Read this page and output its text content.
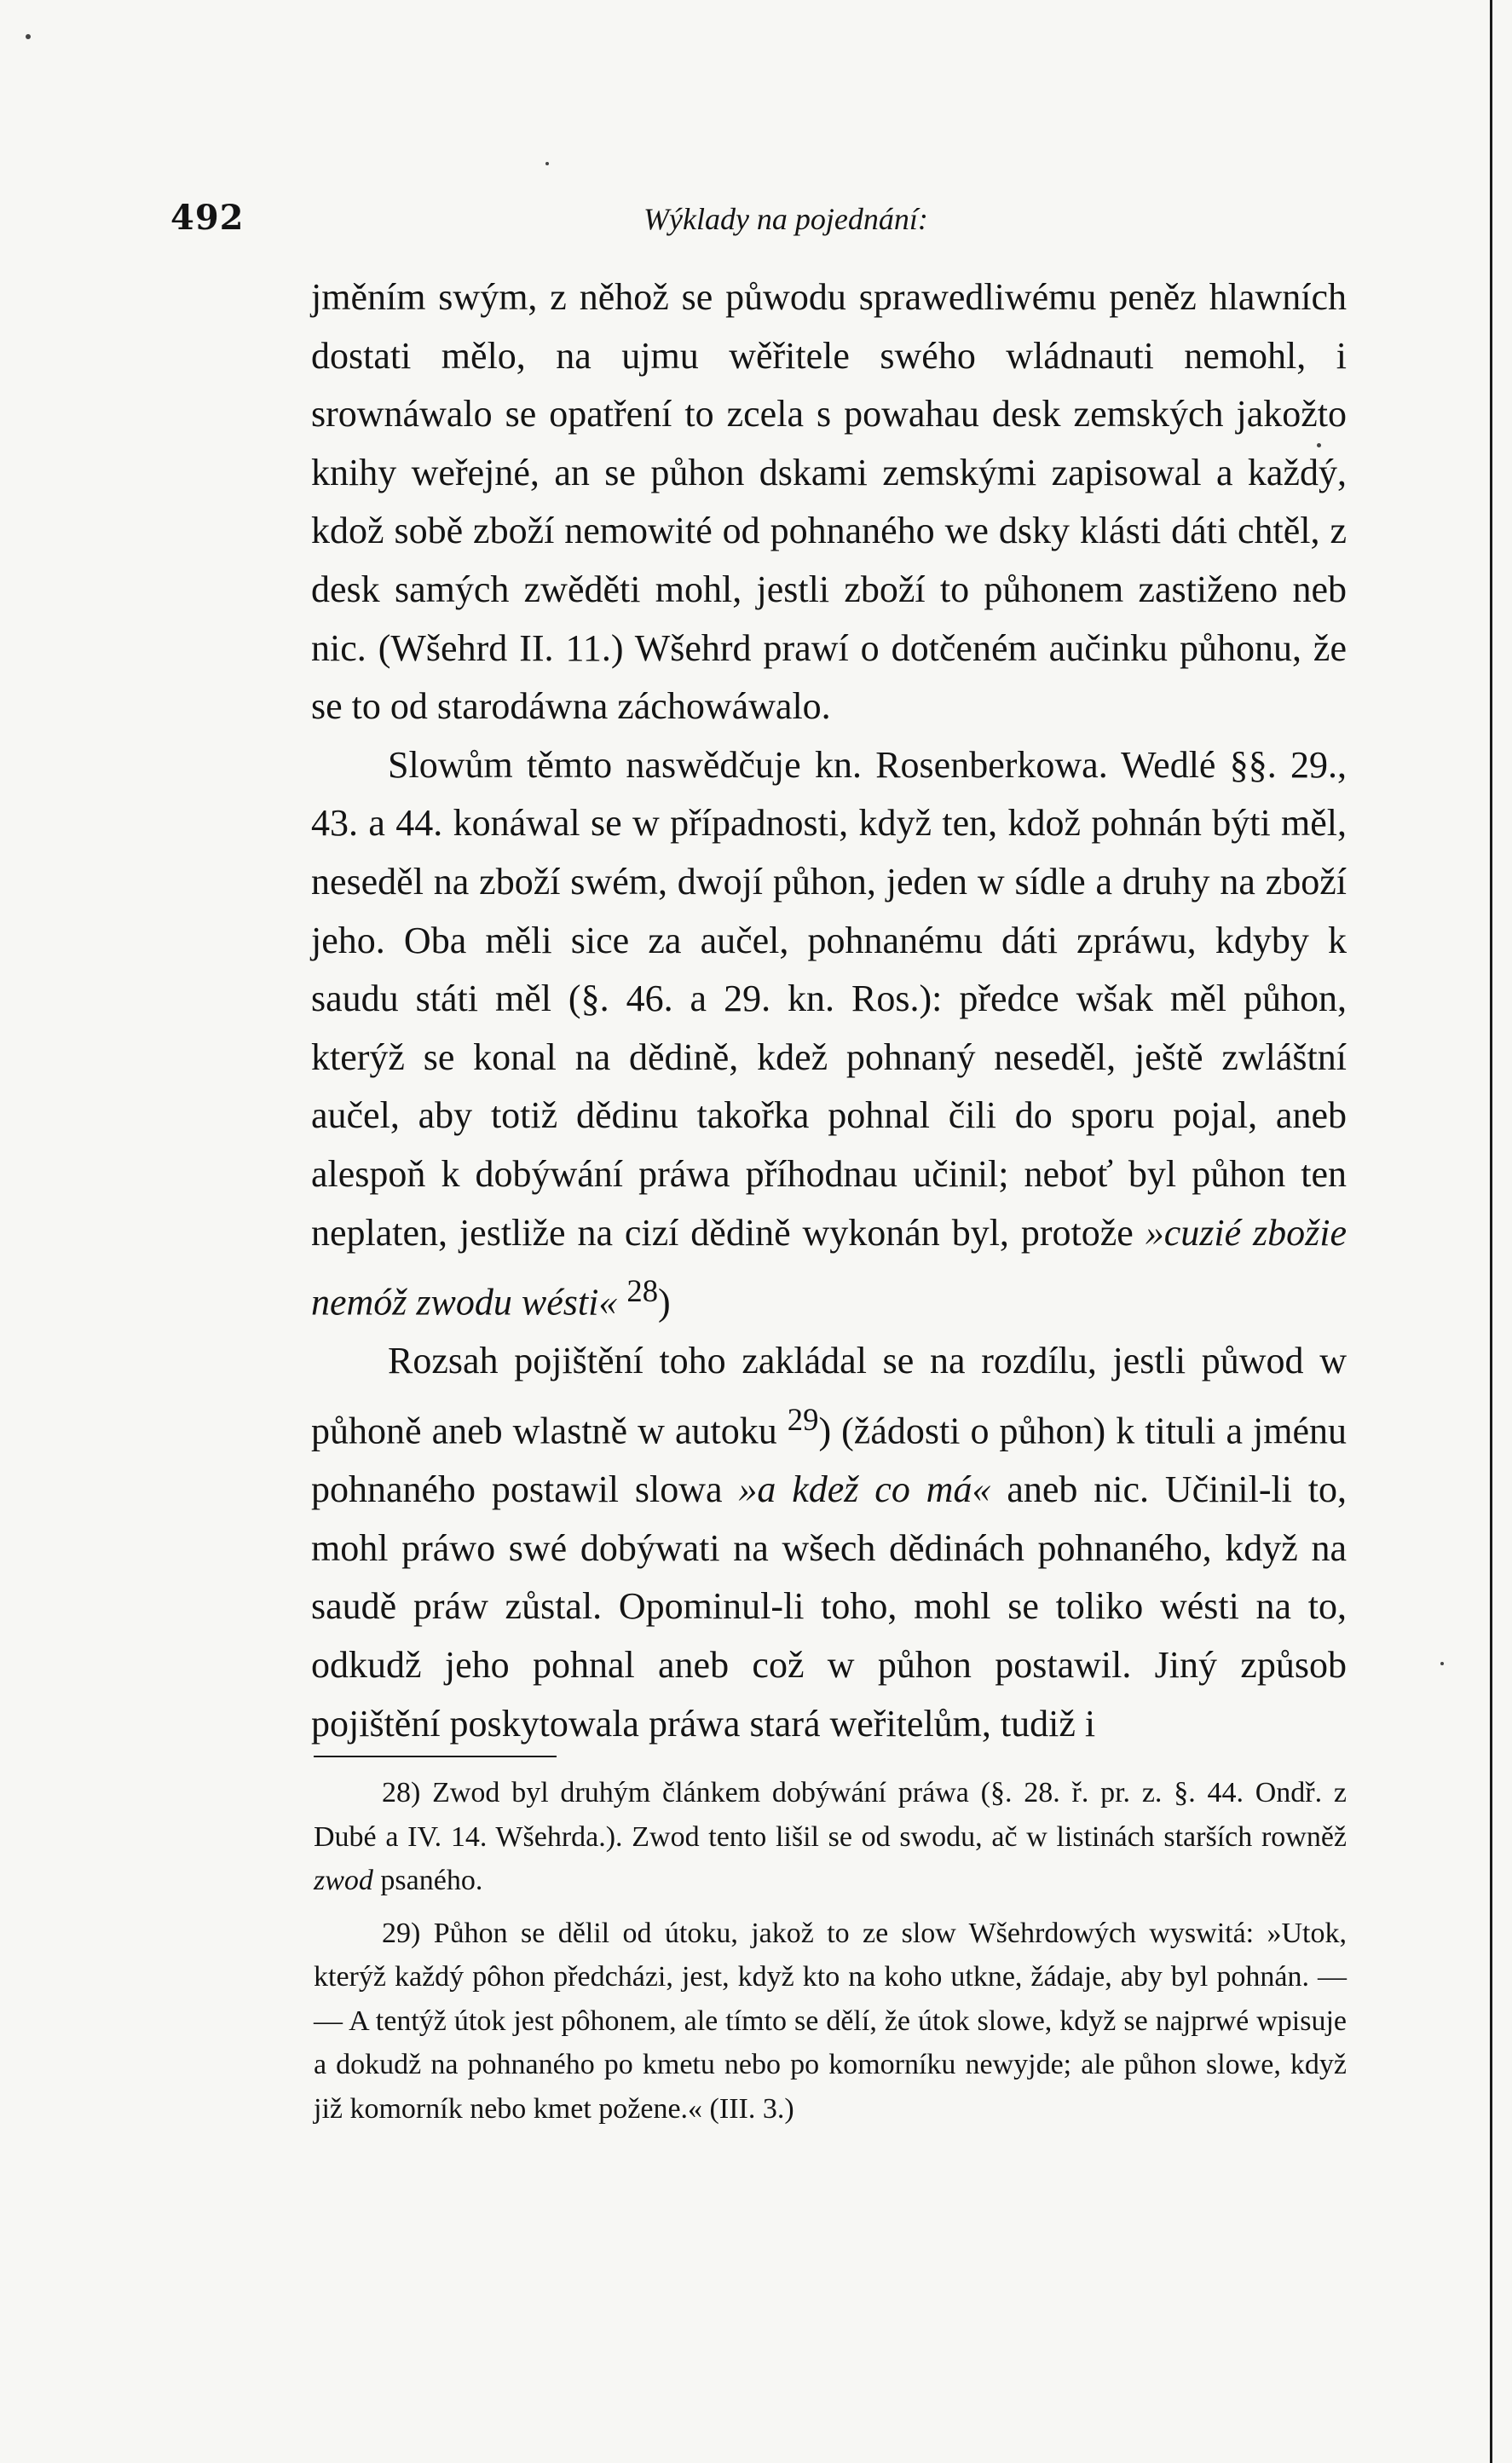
492	Wýklady na pojednání:

jměním swým, z něhož se půwodu sprawedliwému peněz hlawních dostati mělo, na ujmu wěřitele swého wládnauti nemohl, i srownáwalo se opatření to zcela s powahau desk zemských jakožto knihy weřejné, an se půhon dskami zemskými zapisowal a každý, kdož sobě zboží nemowité od pohnaného we dsky klásti dáti chtěl, z desk samých zwěděti mohl, jestli zboží to půhonem zastiženo neb nic. (Wšehrd II. 11.) Wšehrd prawí o dotčeném aučinku půhonu, že se to od starodáwna záchowáwalo.

Slowům těmto naswědčuje kn. Rosenberkowa. Wedlé §§. 29., 43. a 44. konáwal se w případnosti, když ten, kdož pohnán býti měl, neseděl na zboží swém, dwojí půhon, jeden w sídle a druhy na zboží jeho. Oba měli sice za aučel, pohnanému dáti zpráwu, kdyby k saudu státi měl (§. 46. a 29. kn. Ros.): předce wšak měl půhon, kterýž se konal na dědině, kdež pohnaný neseděl, ještě zwláštní aučel, aby totiž dědinu takořka pohnal čili do sporu pojal, aneb alespoň k dobýwání práwa příhodnau učinil; neboť byl půhon ten neplaten, jestliže na cizí dědině wykonán byl, protože »cuzié zbožie nemóž zwodu wésti« $^{28}$)

Rozsah pojištění toho zakládal se na rozdílu, jestli půwod w půhoně aneb wlastně w autoku $^{29}$) (žádosti o půhon) k tituli a jménu pohnaného postawil slowa »a kdež co má« aneb nic. Učinil-li to, mohl práwo swé dobýwati na wšech dědinách pohnaného, když na saudě práw zůstal. Opominul-li toho, mohl se toliko wésti na to, odkudž jeho pohnal aneb což w půhon postawil. Jiný způsob pojištění poskytowala práwa stará weřitelům, tudiž i

28) Zwod byl druhým článkem dobýwání práwa (§. 28. ř. pr. z. §. 44. Ondř. z Dubé a IV. 14. Wšehrda.). Zwod tento lišil se od swodu, ač w listinách starších rowněž zwod psaného.

29) Půhon se dělil od útoku, jakož to ze slow Wšehrdowých wyswitá: »Utok, kterýž každý pôhon předcházi, jest, když kto na koho utkne, žádaje, aby byl pohnán. — — A tentýž útok jest pôhonem, ale tímto se dělí, že útok slowe, když se najprwé wpisuje a dokudž na pohnaného po kmetu nebo po komorníku newyjde; ale půhon slowe, když již komorník nebo kmet požene.« (III. 3.)
